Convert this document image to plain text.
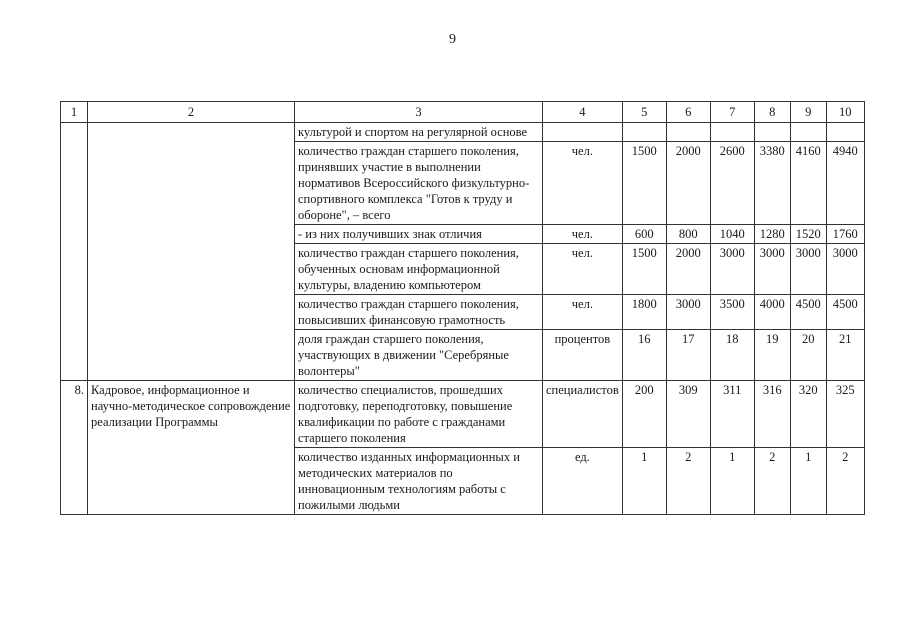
9
1	2	3	4	5	6	7	8	9	10
		культурой и спортом на регулярной основе							
		количество граждан старшего поколения, принявших участие в выполнении нормативов Всероссийского физкультурно-спортивного комплекса "Готов к труду и обороне", – всего	чел.	1500	2000	2600	3380	4160	4940
		- из них получивших знак отличия	чел.	600	800	1040	1280	1520	1760
		количество граждан старшего поколения, обученных основам информационной культуры, владению компьютером	чел.	1500	2000	3000	3000	3000	3000
		количество граждан старшего поколения, повысивших финансовую грамотность	чел.	1800	3000	3500	4000	4500	4500
		доля граждан старшего поколения, участвующих в движении "Серебряные волонтеры"	процентов	16	17	18	19	20	21
8.	Кадровое, информационное и научно-методическое сопровождение реализации Программы	количество специалистов, прошедших подготовку, переподготовку, повышение квалификации по работе с гражданами старшего поколения	специалистов	200	309	311	316	320	325
		количество изданных информационных и методических материалов по инновационным технологиям работы с пожилыми людьми	ед.	1	2	1	2	1	2
